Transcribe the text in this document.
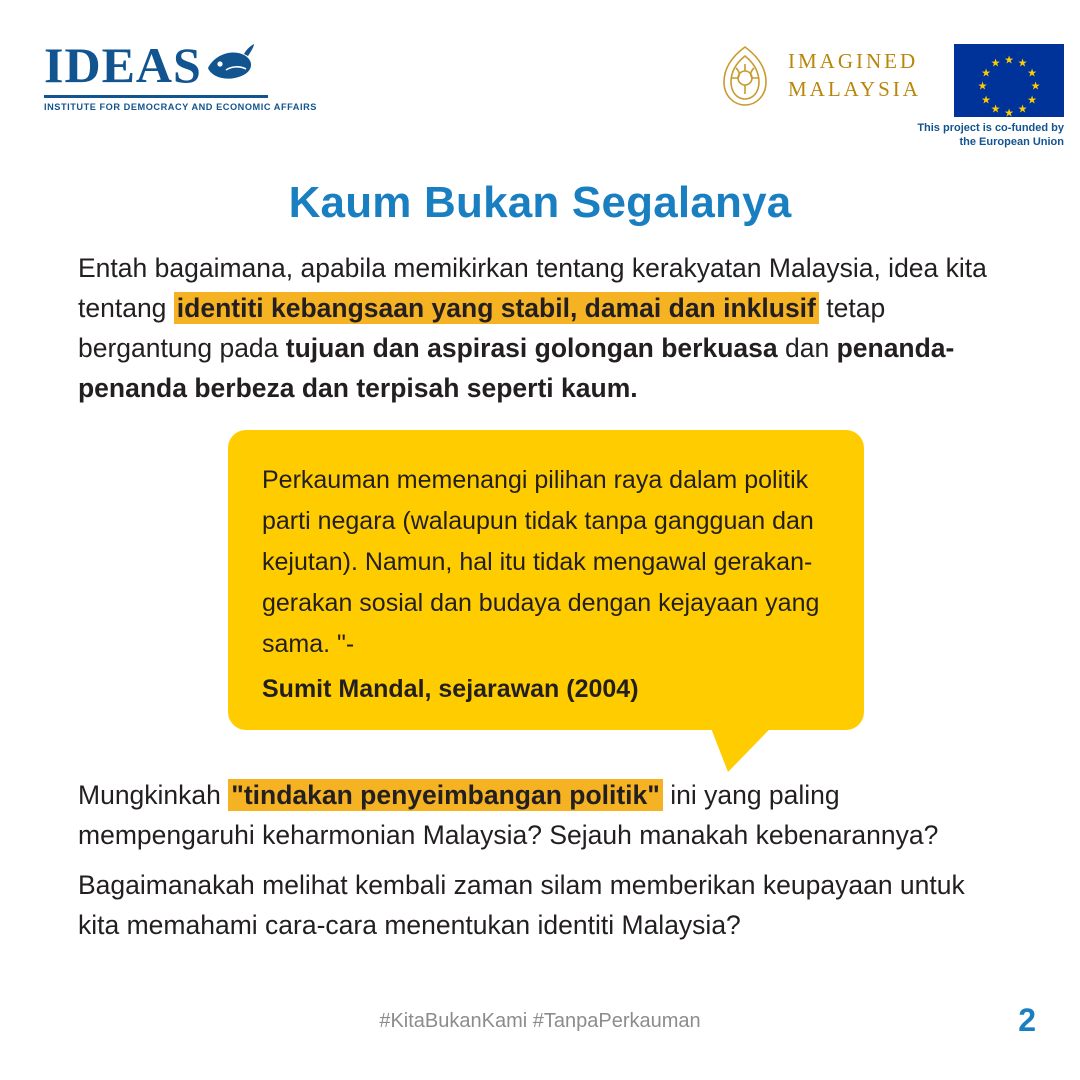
IDEAS
INSTITUTE FOR DEMOCRACY AND ECONOMIC AFFAIRS
IMAGINED
MALAYSIA
★ ★
★
★
★
★
★
★
★
★
★
★
This project is co-funded by
the European Union
Kaum Bukan Segalanya
Entah bagaimana, apabila memikirkan tentang kerakyatan Malaysia, idea kita tentang identiti kebangsaan yang stabil, damai dan inklusif tetap bergantung pada tujuan dan aspirasi golongan berkuasa dan penanda-penanda berbeza dan terpisah seperti kaum.
Perkauman memenangi pilihan raya dalam politik parti negara (walaupun tidak tanpa gangguan dan kejutan). Namun, hal itu tidak mengawal gerakan-gerakan sosial dan budaya dengan kejayaan yang sama. "-
Sumit Mandal, sejarawan (2004)
Mungkinkah "tindakan penyeimbangan politik" ini yang paling mempengaruhi keharmonian Malaysia? Sejauh manakah kebenarannya?
Bagaimanakah melihat kembali zaman silam memberikan keupayaan untuk kita memahami cara-cara menentukan identiti Malaysia?
#KitaBukanKami #TanpaPerkauman	2
